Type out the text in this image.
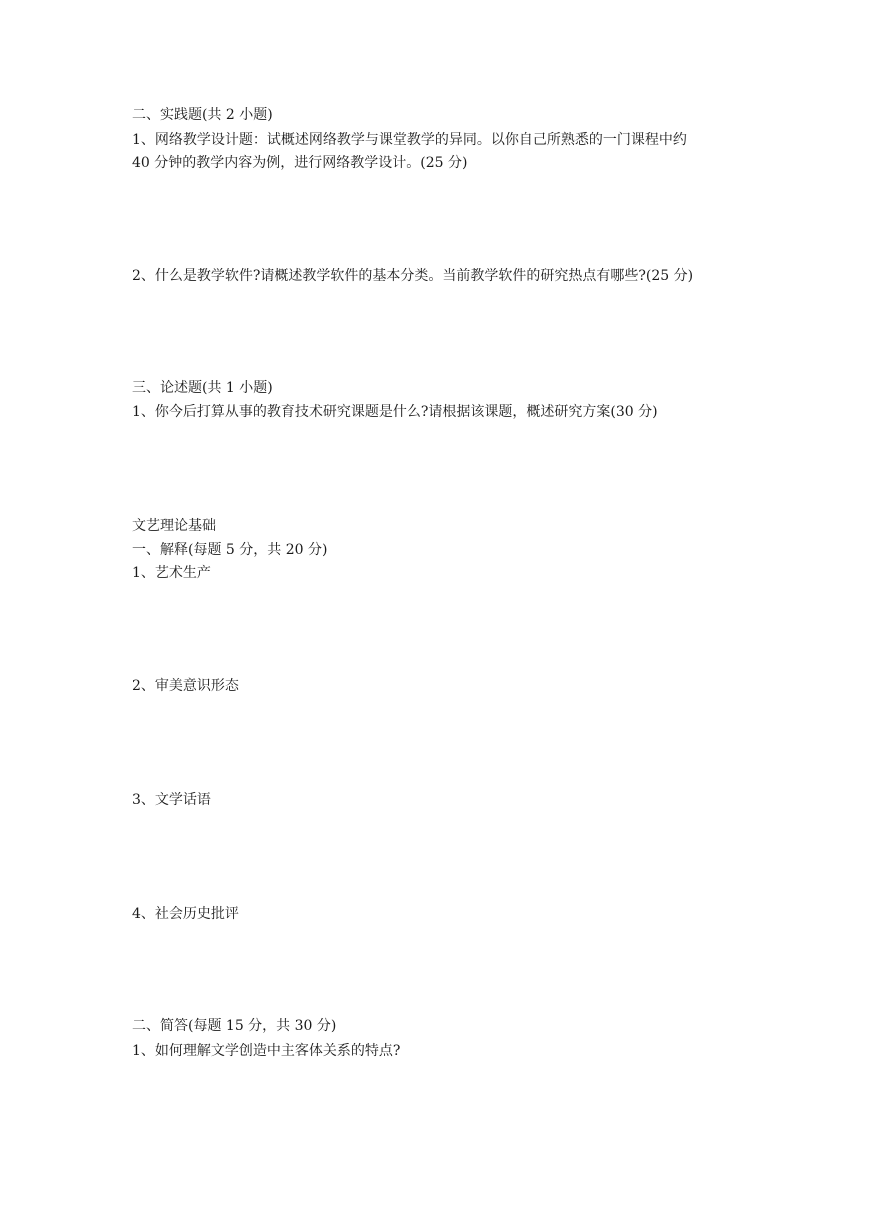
二、实践题(共 2 小题)
1、网络教学设计题：试概述网络教学与课堂教学的异同。以你自己所熟悉的一门课程中约
40 分钟的教学内容为例，进行网络教学设计。(25 分)
2、什么是教学软件?请概述教学软件的基本分类。当前教学软件的研究热点有哪些?(25 分)
三、论述题(共 1 小题)
1、你今后打算从事的教育技术研究课题是什么?请根据该课题，概述研究方案(30 分)
文艺理论基础
一、解释(每题 5 分，共 20 分)
1、艺术生产
2、审美意识形态
3、文学话语
4、社会历史批评
二、简答(每题 15 分，共 30 分)
1、如何理解文学创造中主客体关系的特点?
